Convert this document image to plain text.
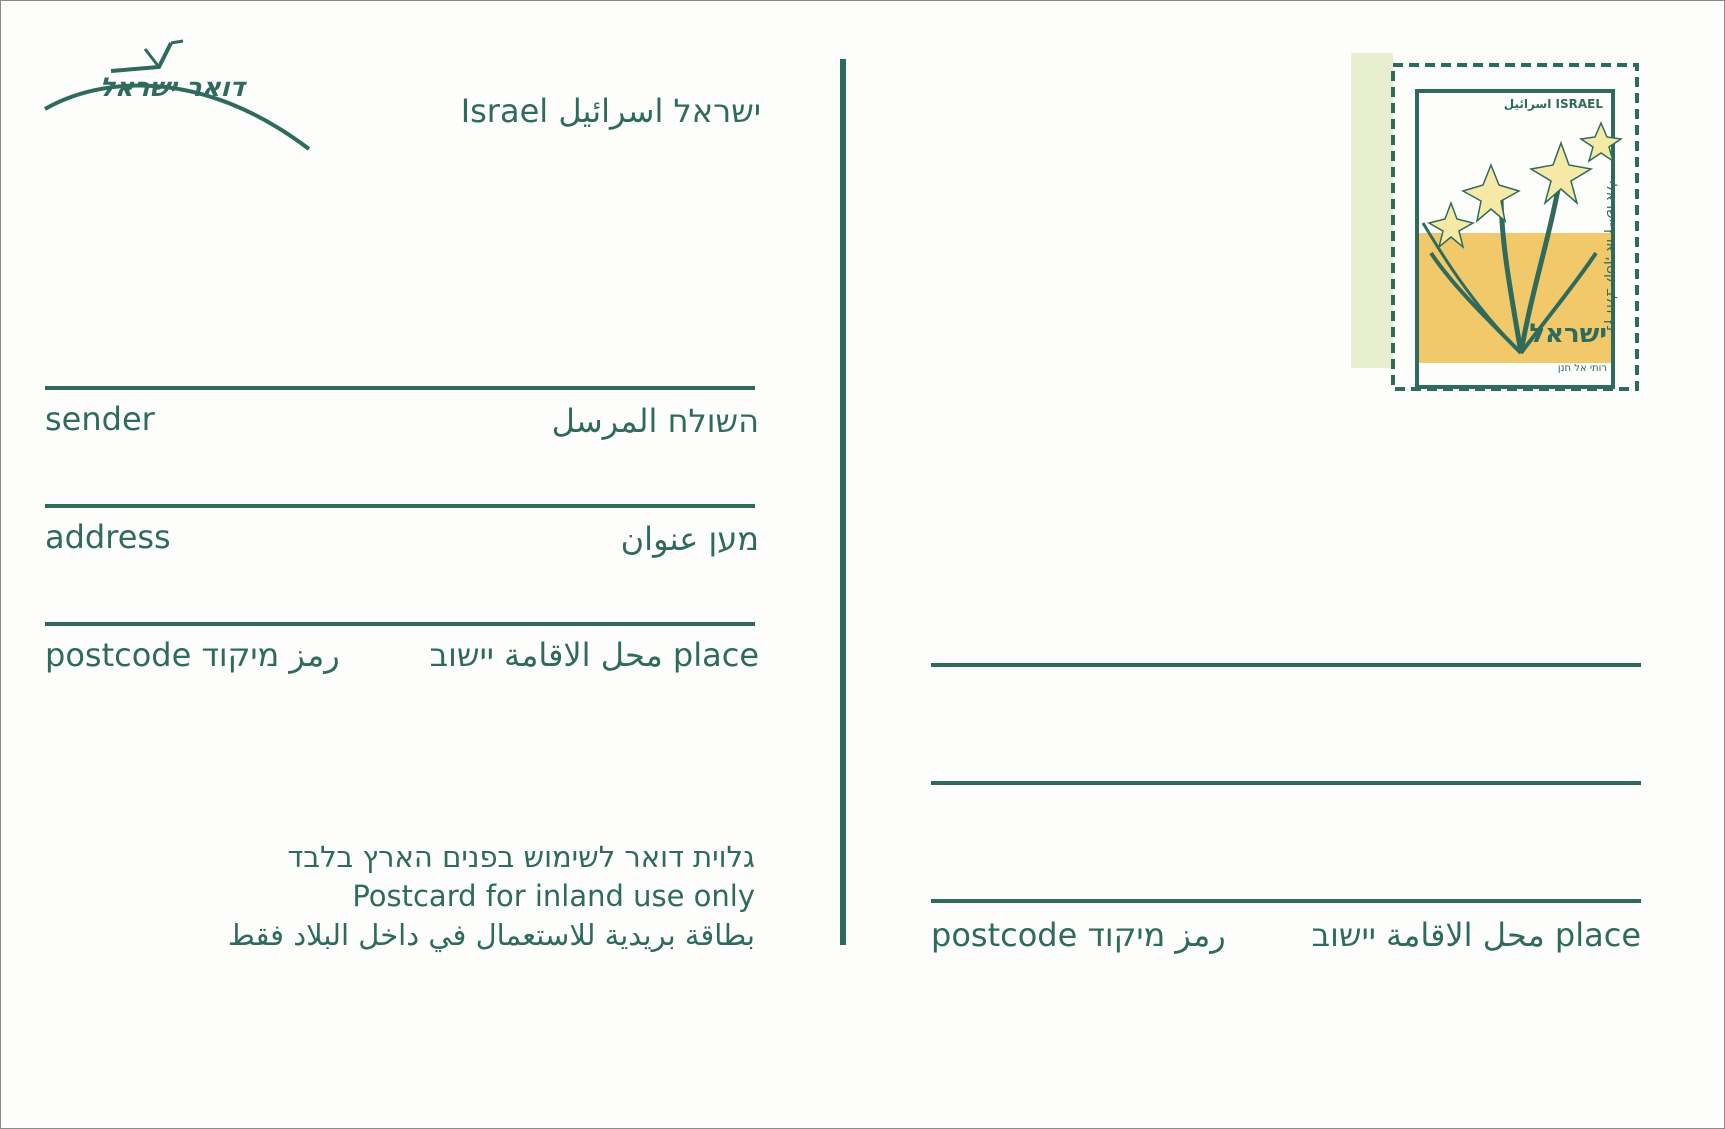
דואר ישראל
ישראל اسرائيل Israel
sender	השולח المرسل
address	מען عنوان
postcode رمز מיקוד	place محل الاقامة יישוב
גלוית דואר לשימוש בפנים הארץ בלבד
Postcard for inland use only
بطاقة بريدية للاستعمال في داخل البلاد فقط
ISRAEL اسرائيل
ישראל
נץ חלב קטן, ארץ-ישראלי
רותי אל חנן
postcode رمز מיקוד	place محل الاقامة יישוב
